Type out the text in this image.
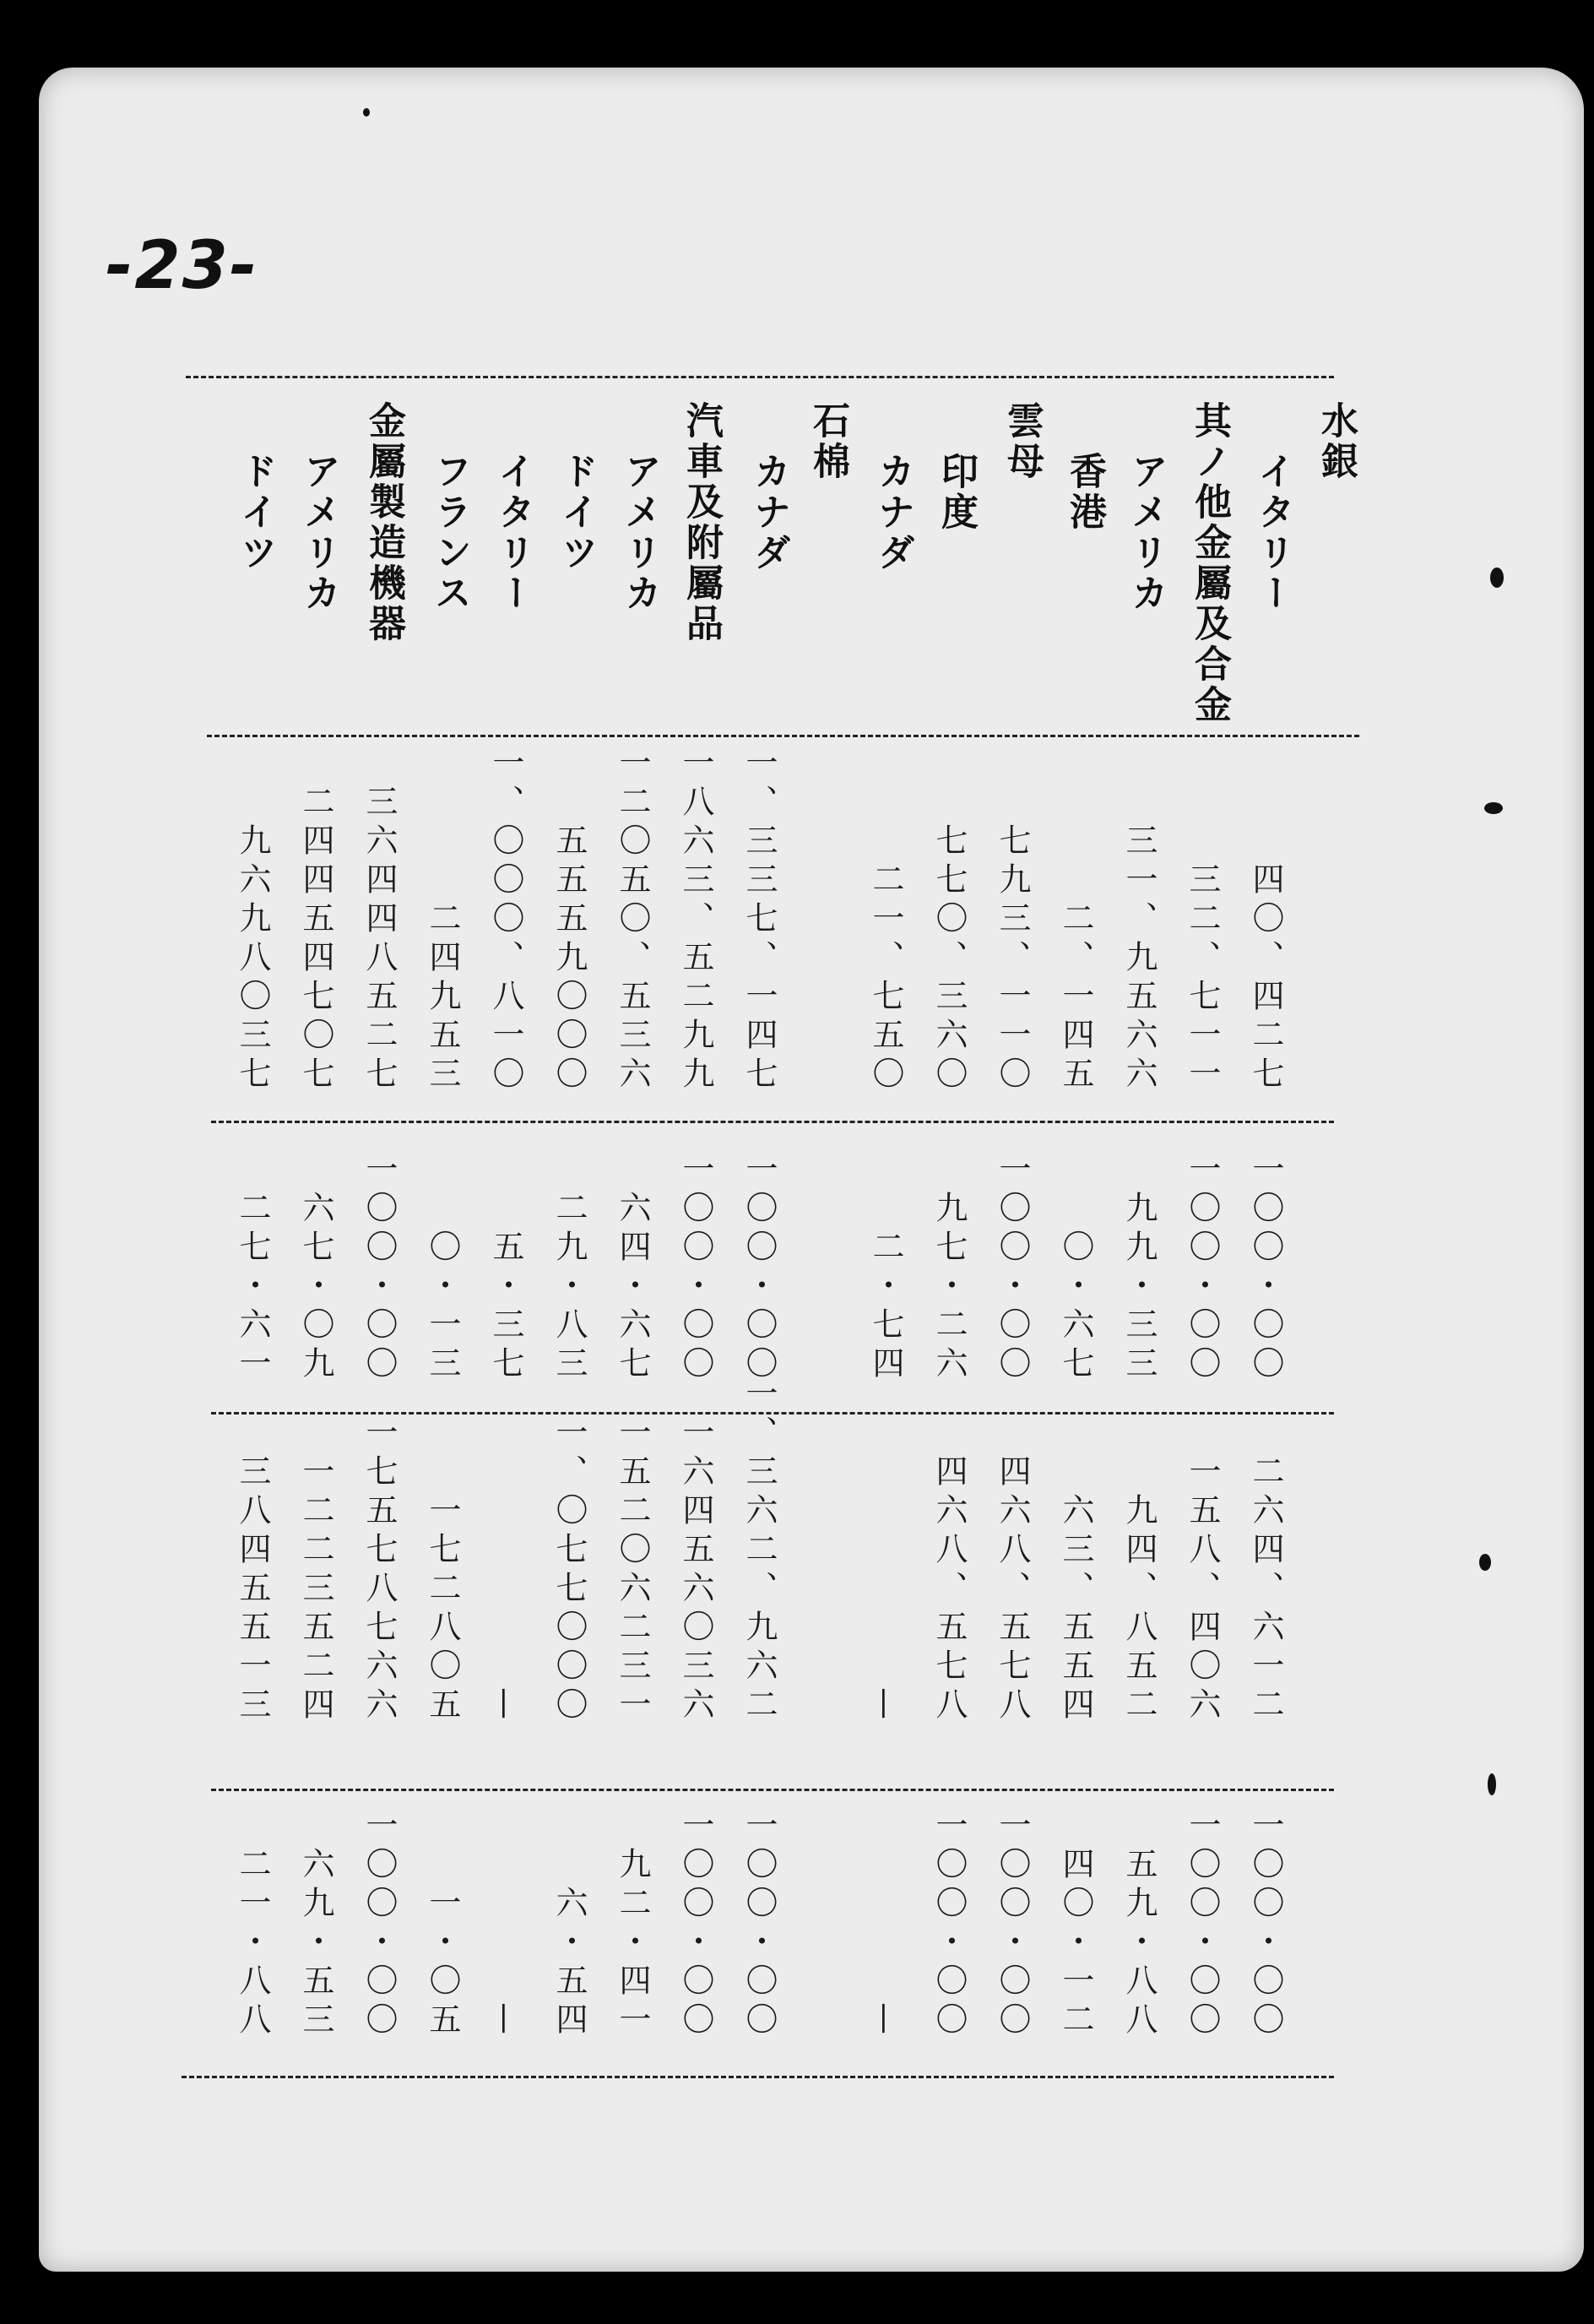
-23-
水銀
イタリー
四〇、四二七
一〇〇・〇〇
二六四、六一二
一〇〇・〇〇
其ノ他金屬及合金
三二、七一一
一〇〇・〇〇
一五八、四〇六
一〇〇・〇〇
アメリカ
三一、九五六六
九九・三三
九四、八五二
五九・八八
香港
二、一四五
〇・六七
六三、五五四
四〇・一二
雲母
七九三、一一〇
一〇〇・〇〇
四六八、五七八
一〇〇・〇〇
印度
七七〇、三六〇
九七・二六
四六八、五七八
一〇〇・〇〇
カナダ
二一、七五〇
二・七四
—
—
石棉
カナダ
一、三三七、一四七
一〇〇・〇〇
一、三六二、九六二
一〇〇・〇〇
汽車及附屬品
一八六三、五二九九
一〇〇・〇〇
一六四五六〇三六
一〇〇・〇〇
アメリカ
一二〇五〇、五三六
六四・六七
一五二〇六二三一
九二・四一
ドイツ
五五五九〇〇〇
二九・八三
一、〇七七〇〇〇
六・五四
イタリー
一、〇〇〇、八一〇
五・三七
—
—
フランス
二四九五三
〇・一三
一七二八〇五
一・〇五
金屬製造機器
三六四四八五二七
一〇〇・〇〇
一七五七八七六六
一〇〇・〇〇
アメリカ
二四四五四七〇七
六七・〇九
一二二三五二四
六九・五三
ドイツ
九六九八〇三七
二七・六一
三八四五五一三
二一・八八
